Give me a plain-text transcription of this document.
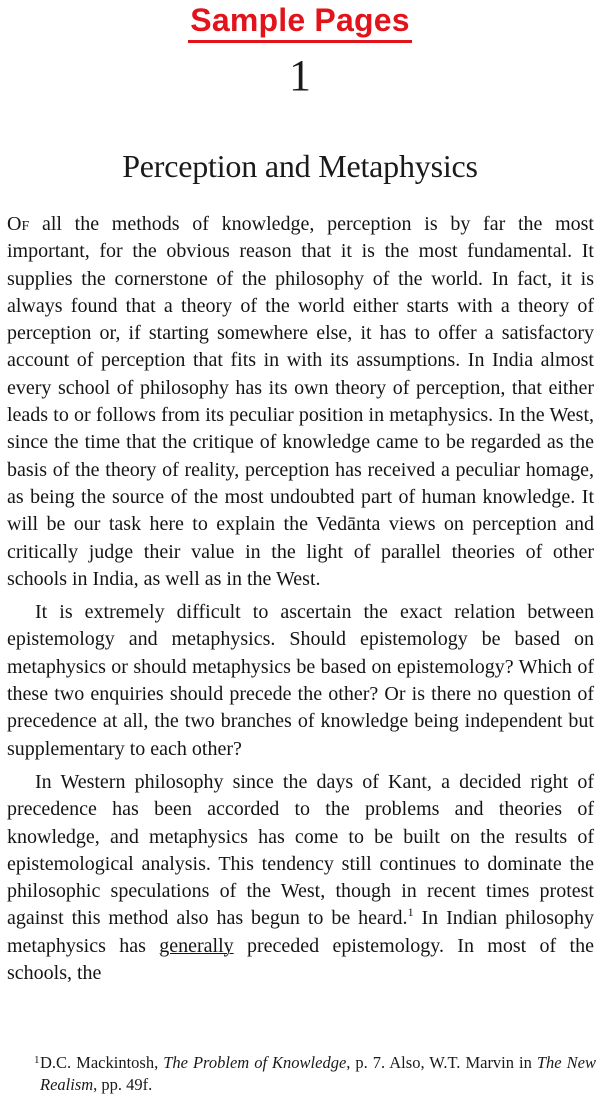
Sample Pages
1
Perception and Metaphysics

Of all the methods of knowledge, perception is by far the most important, for the obvious reason that it is the most fundamental. It supplies the cornerstone of the philosophy of the world. In fact, it is always found that a theory of the world either starts with a theory of perception or, if starting somewhere else, it has to offer a satisfactory account of perception that fits in with its assumptions. In India almost every school of philosophy has its own theory of perception, that either leads to or follows from its peculiar position in metaphysics. In the West, since the time that the critique of knowledge came to be regarded as the basis of the theory of reality, perception has received a peculiar homage, as being the source of the most undoubted part of human knowledge. It will be our task here to explain the Vedānta views on perception and critically judge their value in the light of parallel theories of other schools in India, as well as in the West.

It is extremely difficult to ascertain the exact relation between epistemology and metaphysics. Should epistemology be based on metaphysics or should metaphysics be based on epistemology? Which of these two enquiries should precede the other? Or is there no question of precedence at all, the two branches of knowledge being independent but supplementary to each other?

In Western philosophy since the days of Kant, a decided right of precedence has been accorded to the problems and theories of knowledge, and metaphysics has come to be built on the results of epistemological analysis. This tendency still continues to dominate the philosophic speculations of the West, though in recent times protest against this method also has begun to be heard.$^1$ In Indian philosophy metaphysics has generally preceded epistemology. In most of the schools, the

1 D.C. Mackintosh, The Problem of Knowledge, p. 7. Also, W.T. Marvin in The New Realism, pp. 49f.
